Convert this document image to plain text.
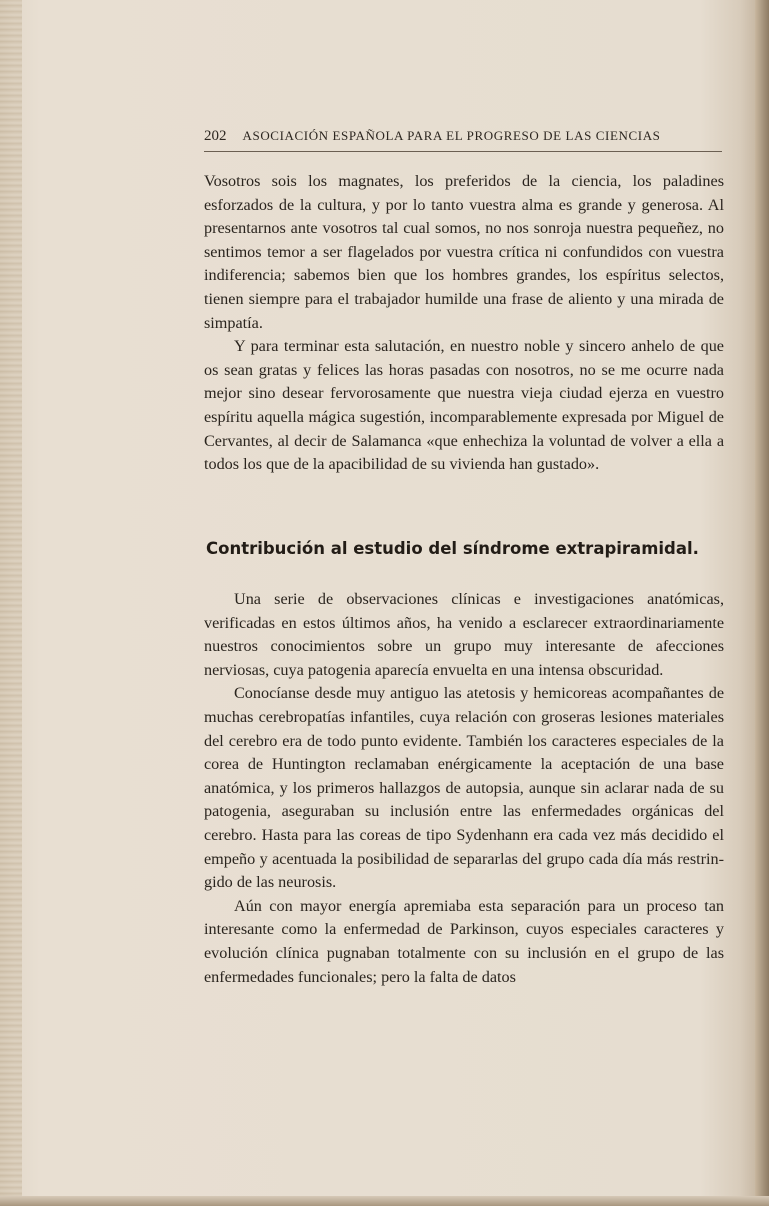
202 ASOCIACIÓN ESPAÑOLA PARA EL PROGRESO DE LAS CIENCIAS

Vosotros sois los magnates, los preferidos de la ciencia, los paladines esforzados de la cultura, y por lo tanto vuestra alma es grande y generosa. Al presentarnos ante vosotros tal cual somos, no nos sonroja nuestra pequeñez, no sentimos temor a ser flagelados por vuestra crítica ni confundidos con vuestra indiferencia; sabemos bien que los hombres grandes, los espíritus selectos, tienen siempre para el trabajador humilde una frase de aliento y una mirada de simpatía.

Y para terminar esta salutación, en nuestro noble y sincero anhelo de que os sean gratas y felices las horas pasadas con nosotros, no se me ocurre nada mejor sino desear fervorosamente que nuestra vieja ciudad ejerza en vuestro espíritu aquella mágica sugestión, incomparablemente expresada por Miguel de Cervantes, al decir de Salamanca «que enhechiza la voluntad de volver a ella a todos los que de la apacibilidad de su vivienda han gustado».

Contribución al estudio del síndrome extrapiramidal.

Una serie de observaciones clínicas e investigaciones anatómicas, verificadas en estos últimos años, ha venido a esclarecer extraordinariamente nuestros conocimientos sobre un grupo muy interesante de afecciones nerviosas, cuya patogenia aparecía envuelta en una intensa obscuridad.

Conocíanse desde muy antiguo las atetosis y hemicoreas acompañantes de muchas cerebropatías infantiles, cuya relación con groseras lesiones materiales del cerebro era de todo punto evidente. También los caracteres especiales de la corea de Huntington reclamaban enérgicamente la aceptación de una base anatómica, y los primeros hallazgos de autopsia, aunque sin aclarar nada de su patogenia, aseguraban su inclusión entre las enfermedades orgánicas del cerebro. Hasta para las coreas de tipo Sydenhann era cada vez más decidido el empeño y acentuada la posibilidad de separarlas del grupo cada día más restringido de las neurosis.

Aún con mayor energía apremiaba esta separación para un proceso tan interesante como la enfermedad de Parkinson, cuyos especiales caracteres y evolución clínica pugnaban totalmente con su inclusión en el grupo de las enfermedades funcionales; pero la falta de datos
